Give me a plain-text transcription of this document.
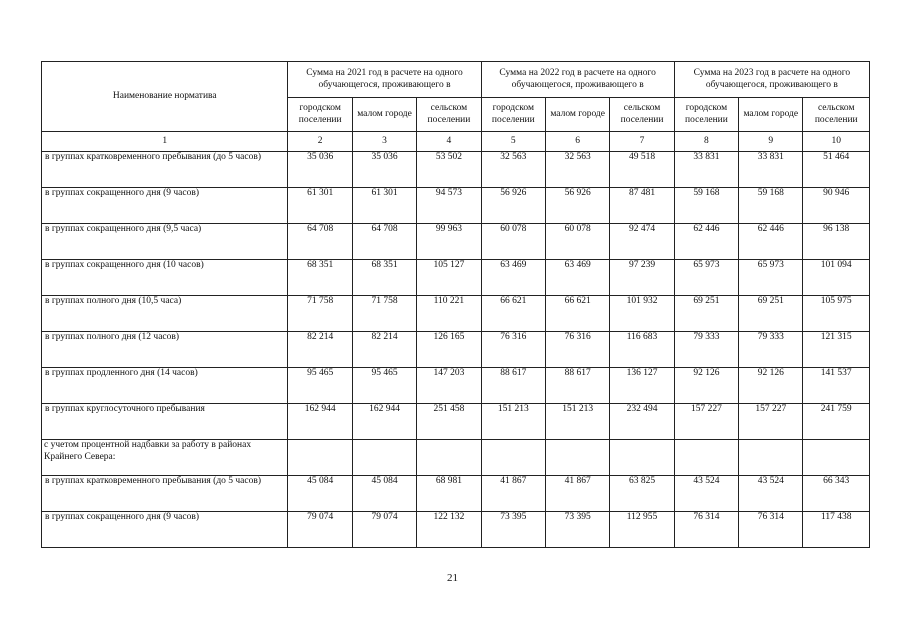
Наименование норматива	Сумма на 2021 год в расчете на одного обучающегося, проживающего в			Сумма на 2022 год в расчете на одного обучающегося, проживающего в			Сумма на 2023 год в расчете на одного обучающегося, проживающего в		
	городском поселении	малом городе	сельском поселении	городском поселении	малом городе	сельском поселении	городском поселении	малом городе	сельском поселении
1	2	3	4	5	6	7	8	9	10
в группах кратковременного пребывания (до 5 часов)	35 036	35 036	53 502	32 563	32 563	49 518	33 831	33 831	51 464
в группах сокращенного дня (9 часов)	61 301	61 301	94 573	56 926	56 926	87 481	59 168	59 168	90 946
в группах сокращенного дня (9,5 часа)	64 708	64 708	99 963	60 078	60 078	92 474	62 446	62 446	96 138
в группах сокращенного дня (10 часов)	68 351	68 351	105 127	63 469	63 469	97 239	65 973	65 973	101 094
в группах полного дня (10,5 часа)	71 758	71 758	110 221	66 621	66 621	101 932	69 251	69 251	105 975
в группах полного дня (12 часов)	82 214	82 214	126 165	76 316	76 316	116 683	79 333	79 333	121 315
в группах продленного дня (14 часов)	95 465	95 465	147 203	88 617	88 617	136 127	92 126	92 126	141 537
в группах круглосуточного пребывания	162 944	162 944	251 458	151 213	151 213	232 494	157 227	157 227	241 759
с учетом процентной надбавки за работу в районах Крайнего Севера:									
в группах кратковременного пребывания (до 5 часов)	45 084	45 084	68 981	41 867	41 867	63 825	43 524	43 524	66 343
в группах сокращенного дня (9 часов)	79 074	79 074	122 132	73 395	73 395	112 955	76 314	76 314	117 438
21
